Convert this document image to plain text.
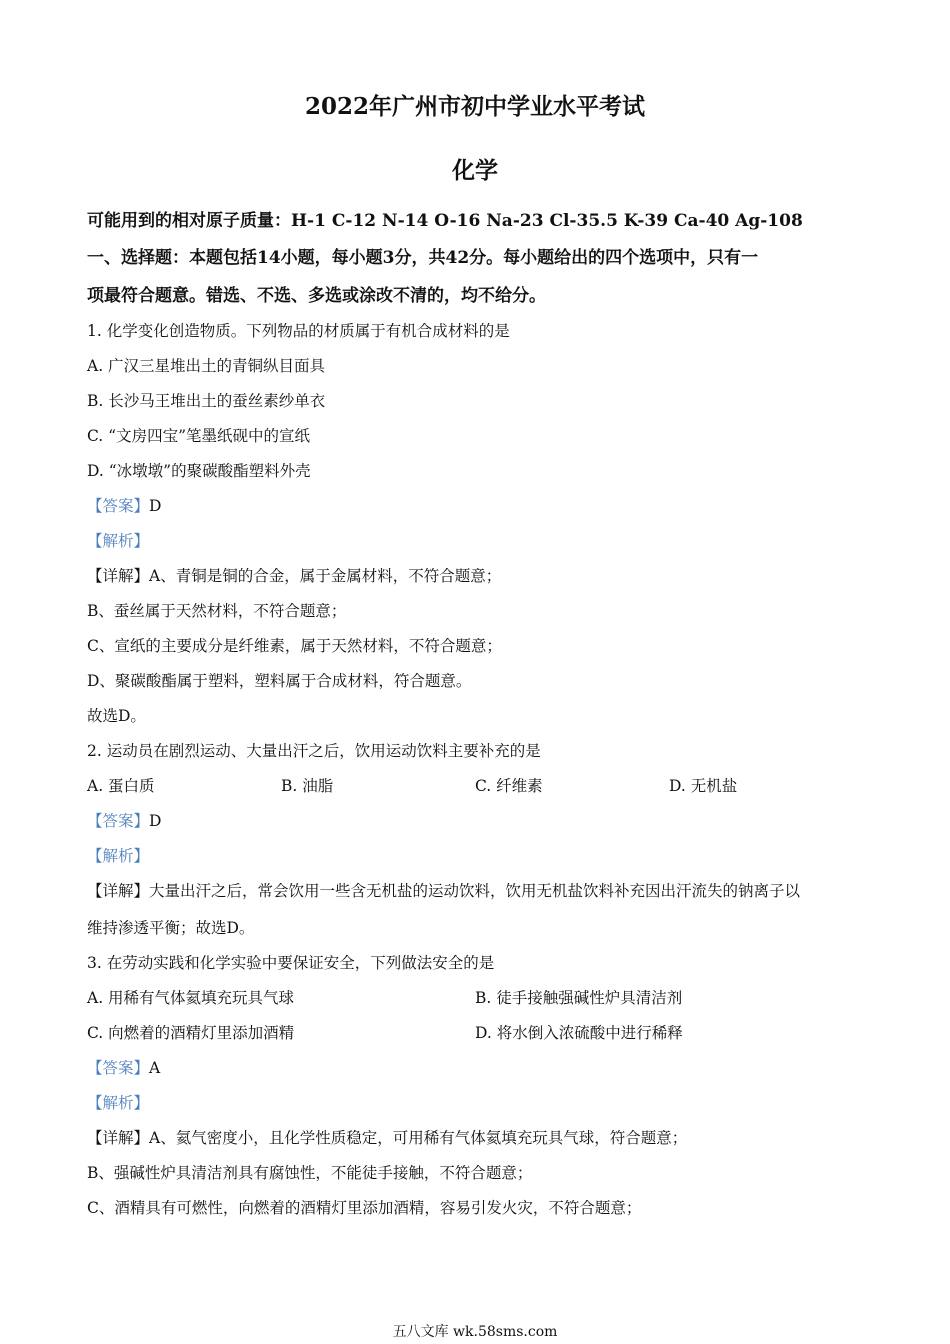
2022年广州市初中学业水平考试
化学
可能用到的相对原子质量：H-1 C-12 N-14 O-16 Na-23 Cl-35.5 K-39 Ca-40 Ag-108
一、选择题：本题包括14小题，每小题3分，共42分。每小题给出的四个选项中，只有一
项最符合题意。错选、不选、多选或涂改不清的，均不给分。
1. 化学变化创造物质。下列物品的材质属于有机合成材料的是
A. 广汉三星堆出土的青铜纵目面具
B. 长沙马王堆出土的蚕丝素纱单衣
C. “文房四宝”笔墨纸砚中的宣纸
D. “冰墩墩”的聚碳酸酯塑料外壳
【答案】D
【解析】
【详解】A、青铜是铜的合金，属于金属材料，不符合题意；
B、蚕丝属于天然材料，不符合题意；
C、宣纸的主要成分是纤维素，属于天然材料，不符合题意；
D、聚碳酸酯属于塑料，塑料属于合成材料，符合题意。
故选D。
2. 运动员在剧烈运动、大量出汗之后，饮用运动饮料主要补充的是
A. 蛋白质	B. 油脂	C. 纤维素	D. 无机盐
【答案】D
【解析】
【详解】大量出汗之后，常会饮用一些含无机盐的运动饮料，饮用无机盐饮料补充因出汗流失的钠离子以
维持渗透平衡；故选D。
3. 在劳动实践和化学实验中要保证安全，下列做法安全的是
A. 用稀有气体氦填充玩具气球	B. 徒手接触强碱性炉具清洁剂
C. 向燃着的酒精灯里添加酒精	D. 将水倒入浓硫酸中进行稀释
【答案】A
【解析】
【详解】A、氦气密度小，且化学性质稳定，可用稀有气体氦填充玩具气球，符合题意；
B、强碱性炉具清洁剂具有腐蚀性，不能徒手接触，不符合题意；
C、酒精具有可燃性，向燃着的酒精灯里添加酒精，容易引发火灾，不符合题意；
五八文库 wk.58sms.com
